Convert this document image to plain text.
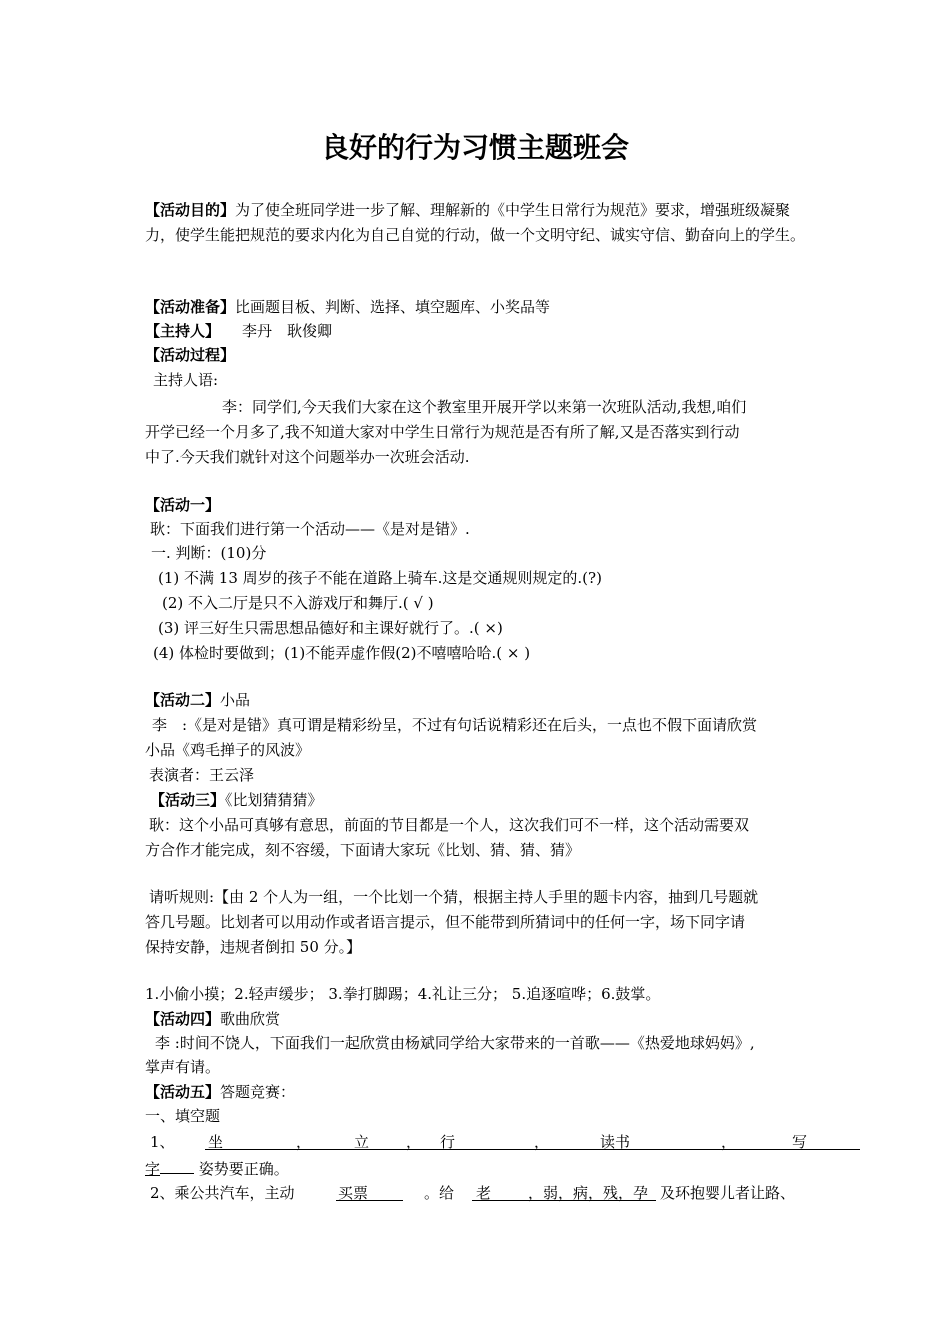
良好的行为习惯主题班会
【活动目的】为了使全班同学进一步了解、理解新的《中学生日常行为规范》要求，增强班级凝聚力，使学生能把规范的要求内化为自己自觉的行动，做一个文明守纪、诚实守信、勤奋向上的学生。
【活动准备】比画题目板、判断、选择、填空题库、小奖品等
【主持人】 李丹　耿俊卿
【活动过程】
主持人语:
李：同学们,今天我们大家在这个教室里开展开学以来第一次班队活动,我想,咱们
开学已经一个月多了,我不知道大家对中学生日常行为规范是否有所了解,又是否落实到行动
中了.今天我们就针对这个问题举办一次班会活动.
【活动一】
耿：下面我们进行第一个活动——《是对是错》.
一. 判断：(10)分
(1) 不满 13 周岁的孩子不能在道路上骑车.这是交通规则规定的.(?)
(2) 不入二厅是只不入游戏厅和舞厅.( √ )
(3) 评三好生只需思想品德好和主课好就行了。.( ×)
(4) 体检时要做到；(1)不能弄虚作假(2)不嘻嘻哈哈.( × )
【活动二】小品
李　:《是对是错》真可谓是精彩纷呈，不过有句话说精彩还在后头，一点也不假下面请欣赏
小品《鸡毛掸子的风波》
表演者：王云泽
【活动三】《比划猜猜猜》
耿：这个小品可真够有意思，前面的节目都是一个人，这次我们可不一样，这个活动需要双
方合作才能完成，刻不容缓，下面请大家玩《比划、猜、猜、猜》
请听规则:【由 2 个人为一组，一个比划一个猜，根据主持人手里的题卡内容，抽到几号题就
答几号题。比划者可以用动作或者语言提示，但不能带到所猜词中的任何一字，场下同字请
保持安静，违规者倒扣 50 分。】
1.小偷小摸；2.轻声缓步； 3.拳打脚踢；4.礼让三分； 5.追逐喧哗；6.鼓掌。
【活动四】歌曲欣赏
李 :时间不饶人，下面我们一起欣赏由杨斌同学给大家带来的一首歌——《热爱地球妈妈》,
掌声有请。
【活动五】答题竞赛：
一、填空题
1、 坐	，	立 ， 行	，	读书	，	写
字	姿势要正确。
2、乘公共汽车，主动	买票	。给 老 ，弱，病，残，孕 及环抱婴儿者让路、
